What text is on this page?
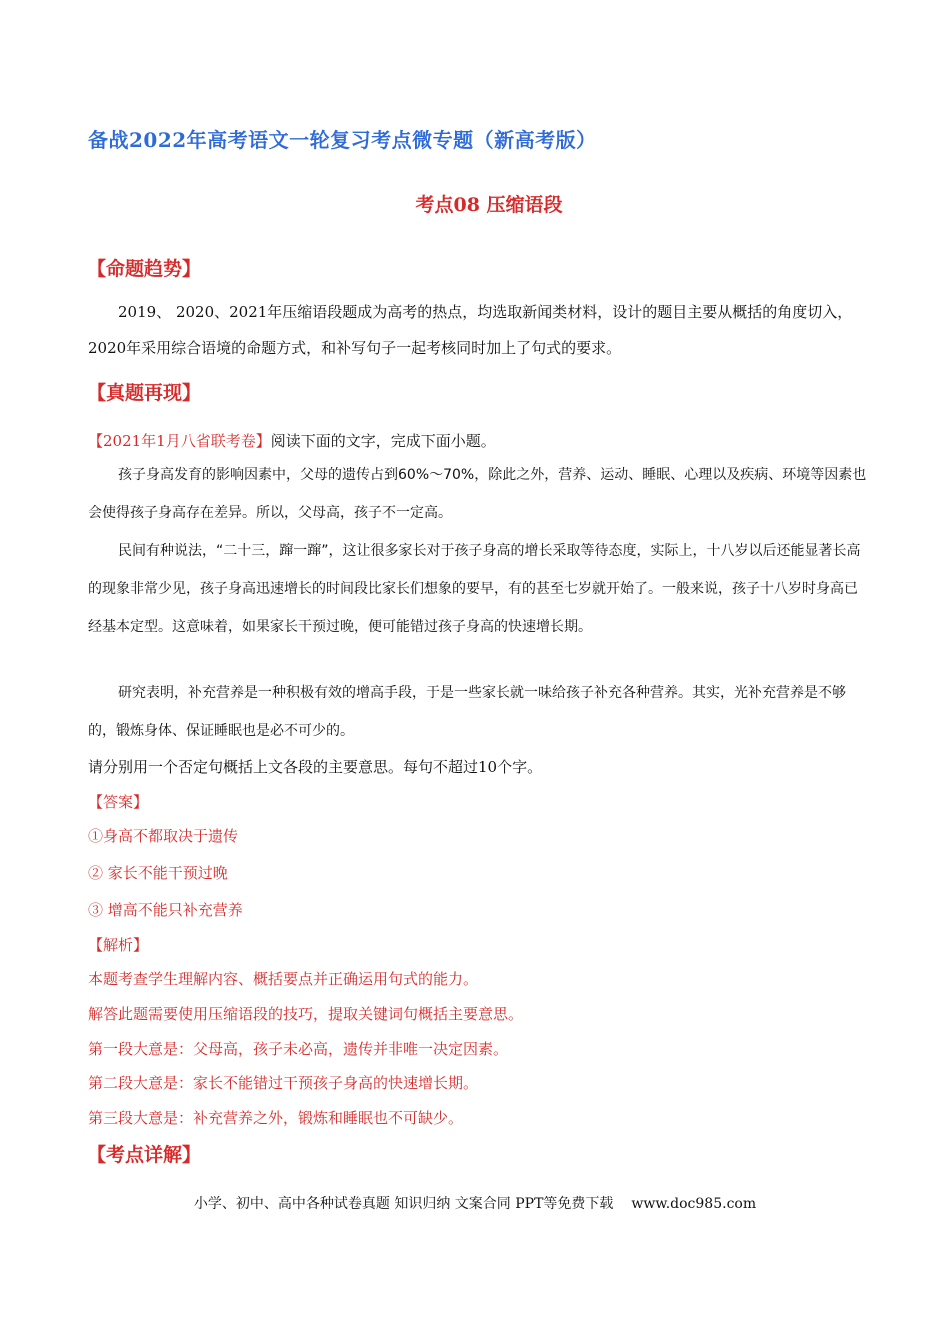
备战2022年高考语文一轮复习考点微专题（新高考版）
考点08 压缩语段
【命题趋势】
2019、 2020、2021年压缩语段题成为高考的热点，均选取新闻类材料，设计的题目主要从概括的角度切入，2020年采用综合语境的命题方式，和补写句子一起考核同时加上了句式的要求。
【真题再现】
【2021年1月八省联考卷】阅读下面的文字，完成下面小题。
孩子身高发育的影响因素中，父母的遗传占到60%～70%，除此之外，营养、运动、睡眠、心理以及疾病、环境等因素也会使得孩子身高存在差异。所以，父母高，孩子不一定高。
民间有种说法，“二十三，蹿一蹿”，这让很多家长对于孩子身高的增长采取等待态度，实际上，十八岁以后还能显著长高的现象非常少见，孩子身高迅速增长的时间段比家长们想象的要早，有的甚至七岁就开始了。一般来说，孩子十八岁时身高已经基本定型。这意味着，如果家长干预过晚，便可能错过孩子身高的快速增长期。
研究表明，补充营养是一种积极有效的增高手段，于是一些家长就一味给孩子补充各种营养。其实，光补充营养是不够的，锻炼身体、保证睡眠也是必不可少的。
请分别用一个否定句概括上文各段的主要意思。每句不超过10个字。
【答案】
①身高不都取决于遗传
② 家长不能干预过晚
③ 增高不能只补充营养
【解析】
本题考查学生理解内容、概括要点并正确运用句式的能力。
解答此题需要使用压缩语段的技巧，提取关键词句概括主要意思。
第一段大意是：父母高，孩子未必高，遗传并非唯一决定因素。
第二段大意是：家长不能错过干预孩子身高的快速增长期。
第三段大意是：补充营养之外，锻炼和睡眠也不可缺少。
【考点详解】
小学、初中、高中各种试卷真题 知识归纳 文案合同 PPT等免费下载 www.doc985.com
